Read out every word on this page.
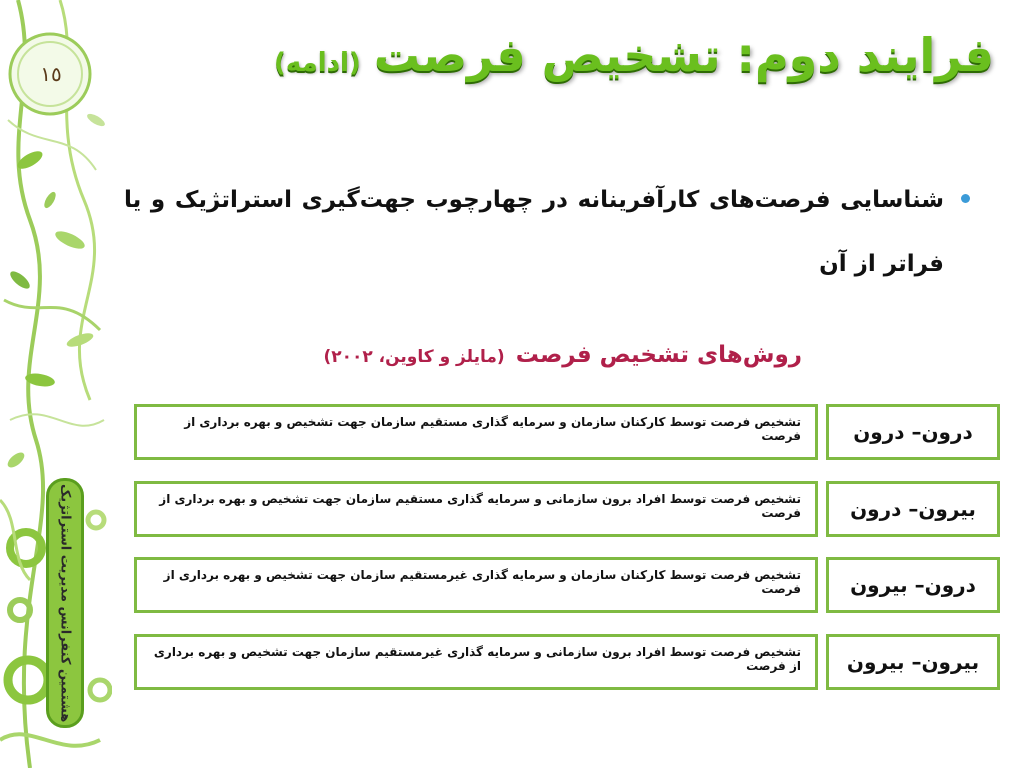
١٥	فرایند دوم: تشخیص فرصت (ادامه)
شناسایی فرصت‌های کارآفرینانه در چهارچوب جهت‌گیری استراتژیک و یا فراتر از آن
روش‌های تشخیص فرصت (مایلز و کاوین، ۲۰۰۲)
تشخیص فرصت توسط کارکنان سازمان و سرمایه گذاری مستقیم سازمان جهت تشخیص و بهره برداری از فرصت	درون– درون
تشخیص فرصت توسط افراد برون سازمانی و سرمایه گذاری مستقیم سازمان جهت تشخیص و بهره برداری از فرصت	بیرون– درون
تشخیص فرصت توسط کارکنان سازمان و سرمایه گذاری غیرمستقیم سازمان جهت تشخیص و بهره برداری از فرصت	درون– بیرون
تشخیص فرصت توسط افراد برون سازمانی و سرمایه گذاری غیرمستقیم سازمان جهت تشخیص و بهره برداری از فرصت	بیرون– بیرون
هشتمین کنفرانس مدیریت استراتژیک
